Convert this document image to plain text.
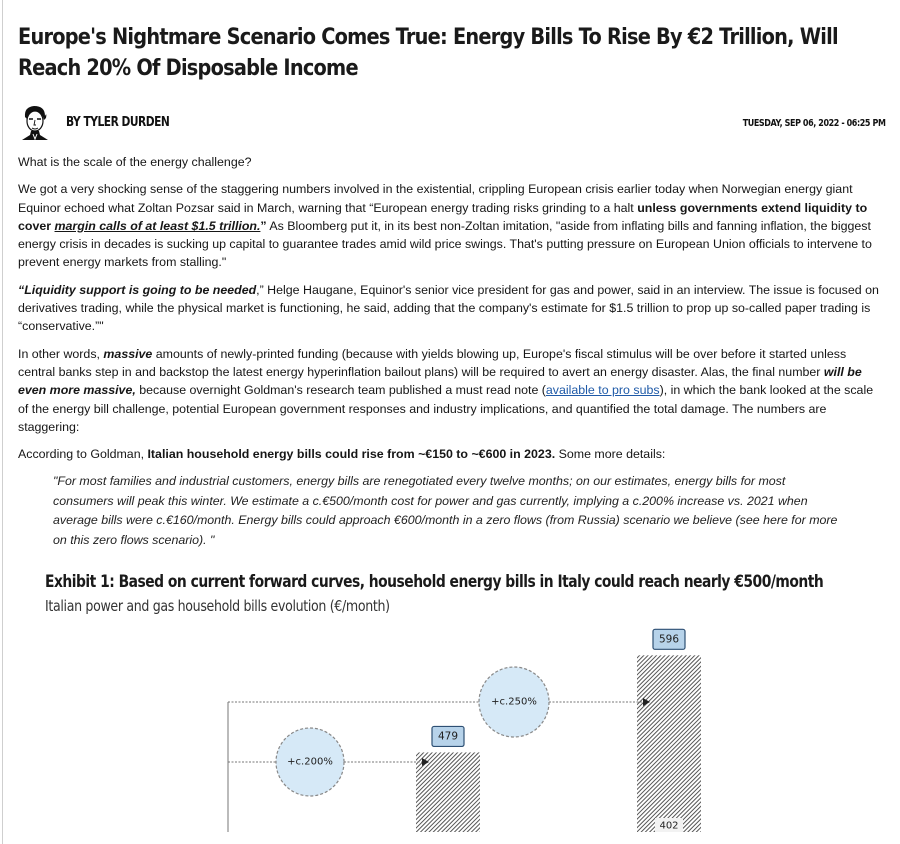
Europe's Nightmare Scenario Comes True: Energy Bills To Rise By €2 Trillion, Will Reach 20% Of Disposable Income
BY TYLER DURDEN	TUESDAY, SEP 06, 2022 - 06:25 PM

What is the scale of the energy challenge?

We got a very shocking sense of the staggering numbers involved in the existential, crippling European crisis earlier today when Norwegian energy giant Equinor echoed what Zoltan Pozsar said in March, warning that “European energy trading risks grinding to a halt unless governments extend liquidity to cover margin calls of at least $1.5 trillion.” As Bloomberg put it, in its best non-Zoltan imitation, "aside from inflating bills and fanning inflation, the biggest energy crisis in decades is sucking up capital to guarantee trades amid wild price swings. That's putting pressure on European Union officials to intervene to prevent energy markets from stalling."

“Liquidity support is going to be needed,” Helge Haugane, Equinor's senior vice president for gas and power, said in an interview. The issue is focused on derivatives trading, while the physical market is functioning, he said, adding that the company's estimate for $1.5 trillion to prop up so-called paper trading is “conservative.”"

In other words, massive amounts of newly-printed funding (because with yields blowing up, Europe's fiscal stimulus will be over before it started unless central banks step in and backstop the latest energy hyperinflation bailout plans) will be required to avert an energy disaster. Alas, the final number will be even more massive, because overnight Goldman's research team published a must read note (available to pro subs), in which the bank looked at the scale of the energy bill challenge, potential European government responses and industry implications, and quantified the total damage. The numbers are staggering:

According to Goldman, Italian household energy bills could rise from ~€150 to ~€600 in 2023. Some more details:

"For most families and industrial customers, energy bills are renegotiated every twelve months; on our estimates, energy bills for most consumers will peak this winter. We estimate a c.€500/month cost for power and gas currently, implying a c.200% increase vs. 2021 when average bills were c.€160/month. Energy bills could approach €600/month in a zero flows (from Russia) scenario we believe (see here for more on this zero flows scenario). "
Exhibit 1: Based on current forward curves, household energy bills in Italy could reach nearly €500/month
Italian power and gas household bills evolution (€/month)
479
596
+c.200%
+c.250%
402
